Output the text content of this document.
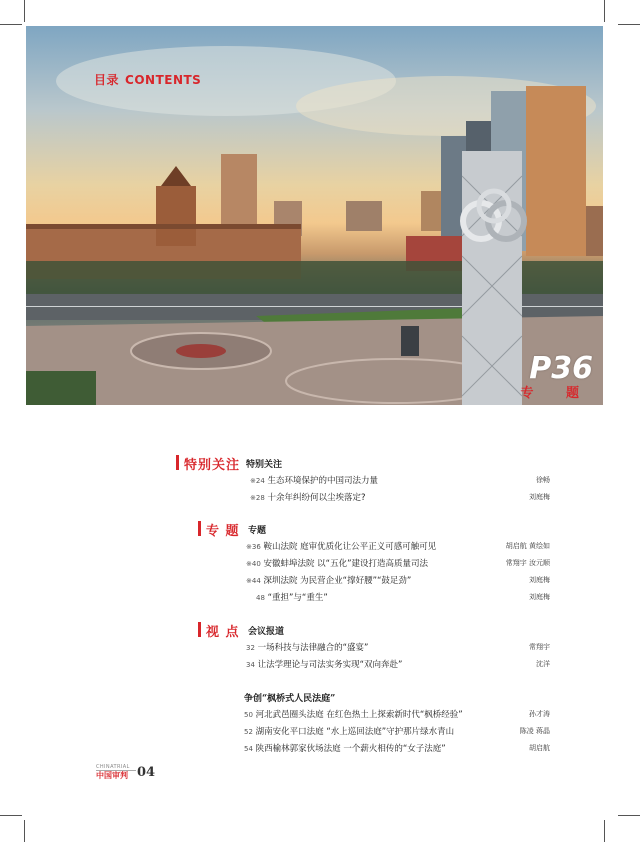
目录 CONTENTS
P36
专 题
特别关注 特别关注
※24 生态环境保护的中国司法力量	徐畅
※28 十余年纠纷何以尘埃落定?	刘庭梅
专 题 专题
※36 鞍山法院 庭审优质化让公平正义可感可触可见	胡启航 黄绘如
※40 安徽蚌埠法院 以“五化”建设打造高质量司法	常翔宇 汝元顺
※44 深圳法院 为民营企业“撑好腰”“鼓足劲”	刘庭梅
48 “重担”与“重生”	刘庭梅
视 点 会议报道
32 一场科技与法律融合的“盛宴”	常翔宇
34 让法学理论与司法实务实现“双向奔赴”	沈洋
争创“枫桥式人民法庭”
50 河北武邑圈头法庭 在红色热土上探索新时代“枫桥经验”	孙才涛
52 湖南安化平口法庭 “水上巡回法庭”守护那片绿水青山	陈凌 蒋晶
54 陕西榆林郭家伙场法庭 一个薪火相传的“女子法庭”	胡启航
CHINATRIAL
中国审判 04
